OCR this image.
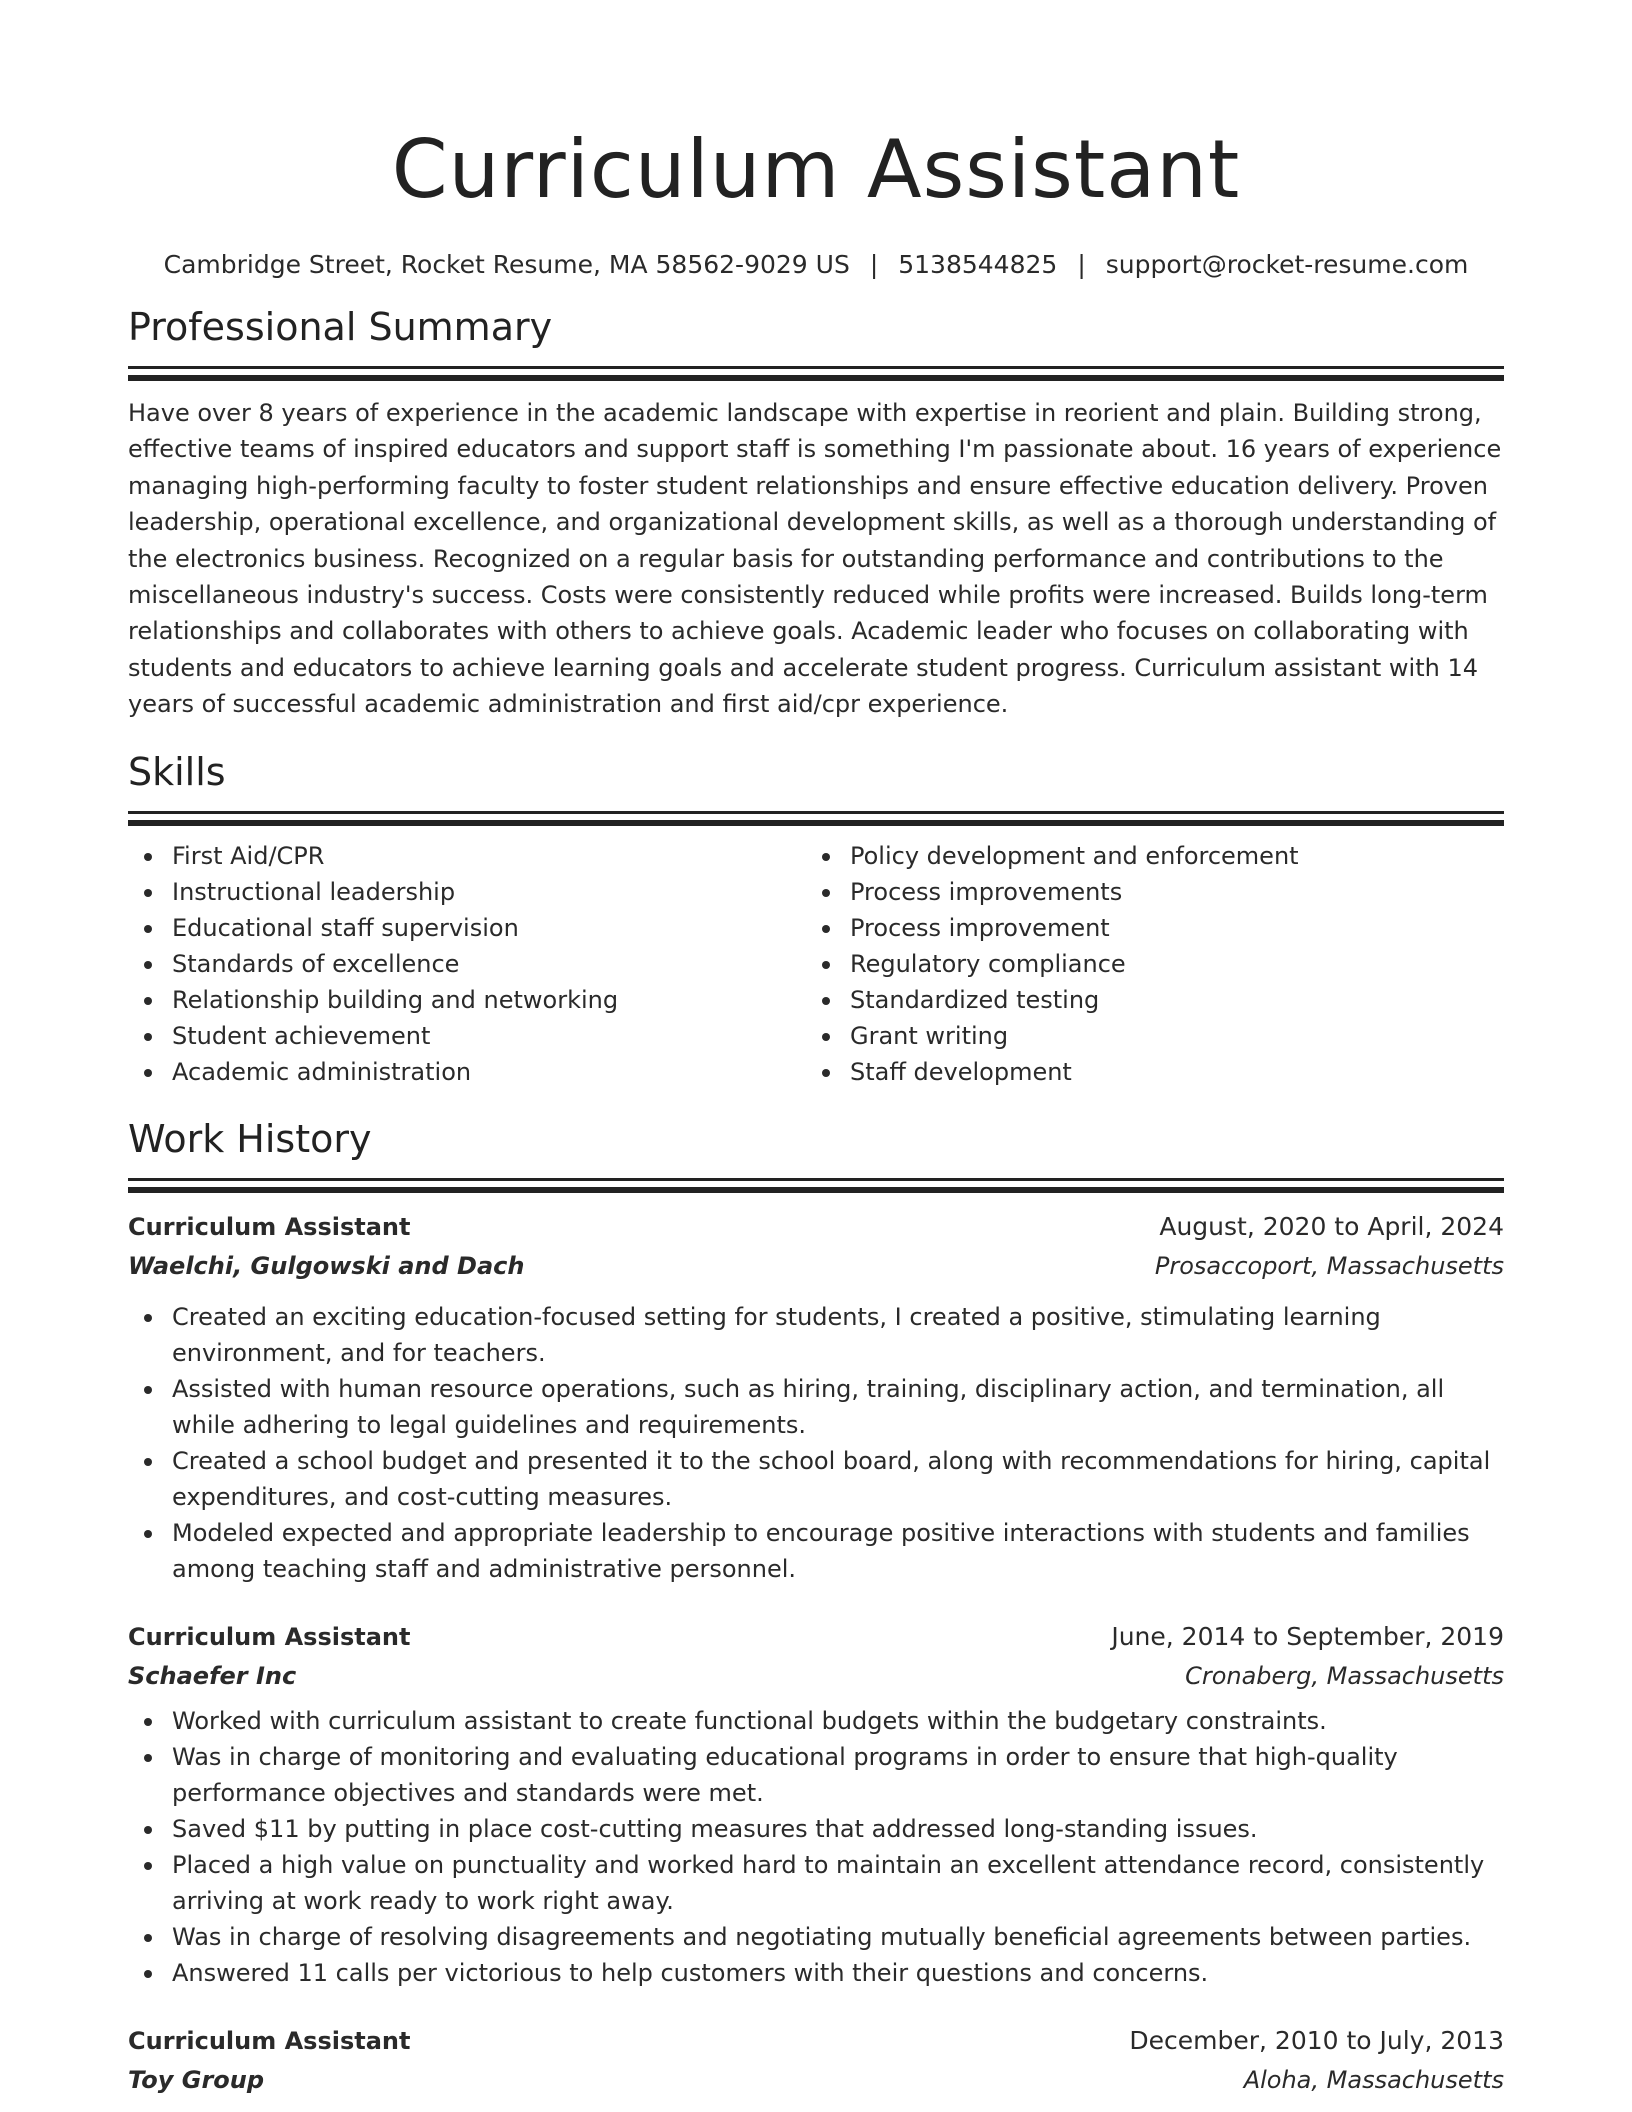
Curriculum Assistant
Cambridge Street, Rocket Resume, MA 58562-9029 US | 5138544825 | support@rocket-resume.com
Professional Summary
Have over 8 years of experience in the academic landscape with expertise in reorient and plain. Building strong, effective teams of inspired educators and support staff is something I'm passionate about. 16 years of experience managing high-performing faculty to foster student relationships and ensure effective education delivery. Proven leadership, operational excellence, and organizational development skills, as well as a thorough understanding of the electronics business. Recognized on a regular basis for outstanding performance and contributions to the miscellaneous industry's success. Costs were consistently reduced while profits were increased. Builds long-term relationships and collaborates with others to achieve goals. Academic leader who focuses on collaborating with students and educators to achieve learning goals and accelerate student progress. Curriculum assistant with 14 years of successful academic administration and first aid/cpr experience.
Skills
First Aid/CPR
Instructional leadership
Educational staff supervision
Standards of excellence
Relationship building and networking
Student achievement
Academic administration
Policy development and enforcement
Process improvements
Process improvement
Regulatory compliance
Standardized testing
Grant writing
Staff development
Work History
Curriculum Assistant	August, 2020 to April, 2024
Waelchi, Gulgowski and Dach	Prosaccoport, Massachusetts
Created an exciting education-focused setting for students, I created a positive, stimulating learning environment, and for teachers.
Assisted with human resource operations, such as hiring, training, disciplinary action, and termination, all while adhering to legal guidelines and requirements.
Created a school budget and presented it to the school board, along with recommendations for hiring, capital expenditures, and cost-cutting measures.
Modeled expected and appropriate leadership to encourage positive interactions with students and families among teaching staff and administrative personnel.
Curriculum Assistant	June, 2014 to September, 2019
Schaefer Inc	Cronaberg, Massachusetts
Worked with curriculum assistant to create functional budgets within the budgetary constraints.
Was in charge of monitoring and evaluating educational programs in order to ensure that high-quality performance objectives and standards were met.
Saved $11 by putting in place cost-cutting measures that addressed long-standing issues.
Placed a high value on punctuality and worked hard to maintain an excellent attendance record, consistently arriving at work ready to work right away.
Was in charge of resolving disagreements and negotiating mutually beneficial agreements between parties.
Answered 11 calls per victorious to help customers with their questions and concerns.
Curriculum Assistant	December, 2010 to July, 2013
Toy Group	Aloha, Massachusetts
